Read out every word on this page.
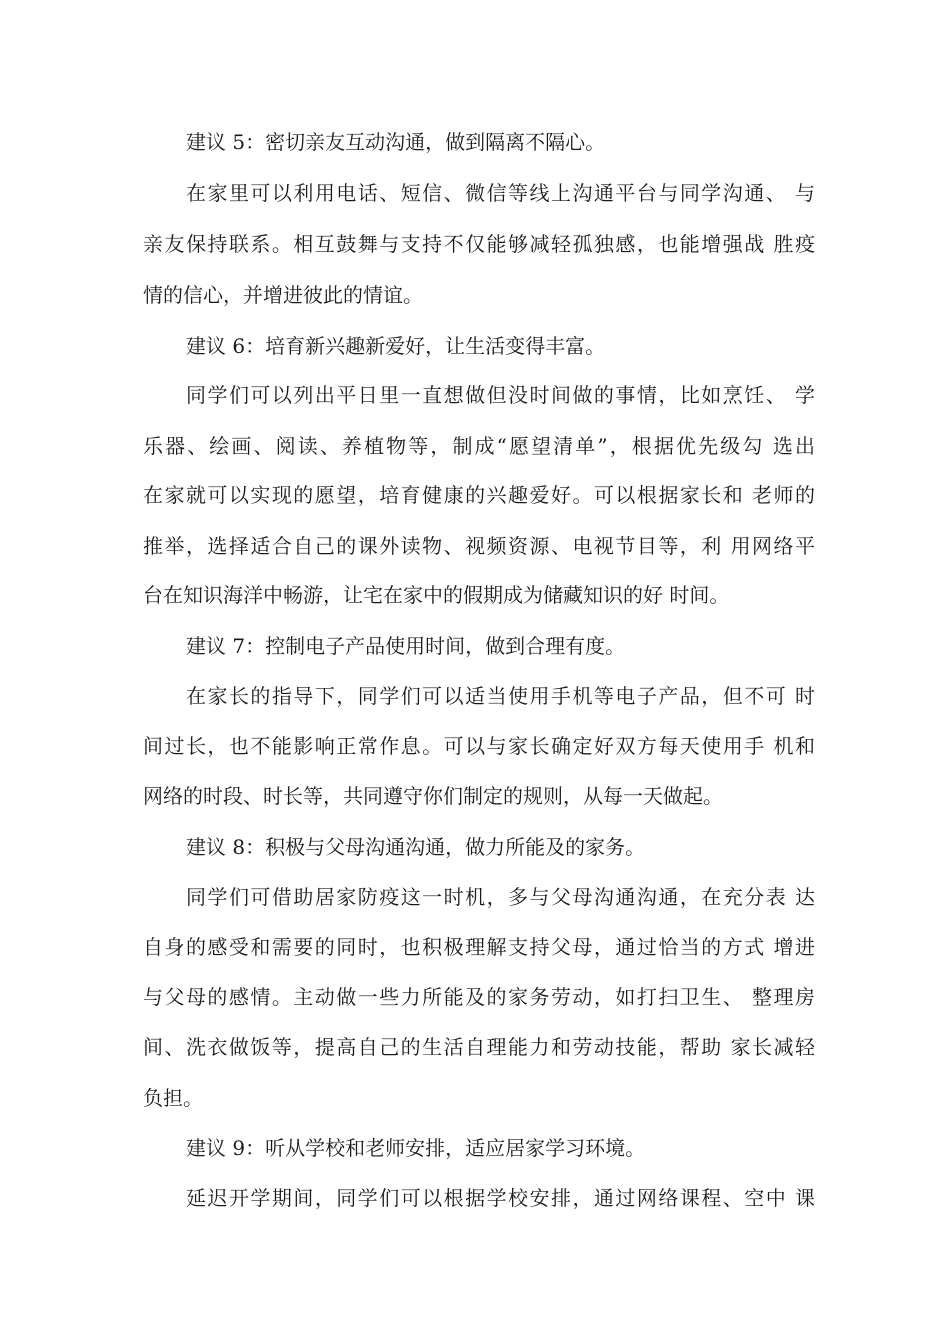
建议 5：密切亲友互动沟通，做到隔离不隔心。
在家里可以利用电话、短信、微信等线上沟通平台与同学沟通、 与
亲友保持联系。相互鼓舞与支持不仅能够减轻孤独感，也能增强战 胜疫
情的信心，并增进彼此的情谊。
建议 6：培育新兴趣新爱好，让生活变得丰富。
同学们可以列出平日里一直想做但没时间做的事情，比如烹饪、 学
乐器、绘画、阅读、养植物等，制成“愿望清单”，根据优先级勾 选出
在家就可以实现的愿望，培育健康的兴趣爱好。可以根据家长和 老师的
推举，选择适合自己的课外读物、视频资源、电视节目等，利 用网络平
台在知识海洋中畅游，让宅在家中的假期成为储藏知识的好 时间。
建议 7：控制电子产品使用时间，做到合理有度。
在家长的指导下，同学们可以适当使用手机等电子产品，但不可 时
间过长，也不能影响正常作息。可以与家长确定好双方每天使用手 机和
网络的时段、时长等，共同遵守你们制定的规则，从每一天做起。
建议 8：积极与父母沟通沟通，做力所能及的家务。
同学们可借助居家防疫这一时机，多与父母沟通沟通，在充分表 达
自身的感受和需要的同时，也积极理解支持父母，通过恰当的方式 增进
与父母的感情。主动做一些力所能及的家务劳动，如打扫卫生、 整理房
间、洗衣做饭等，提高自己的生活自理能力和劳动技能，帮助 家长减轻
负担。
建议 9：听从学校和老师安排，适应居家学习环境。
延迟开学期间，同学们可以根据学校安排，通过网络课程、空中 课
